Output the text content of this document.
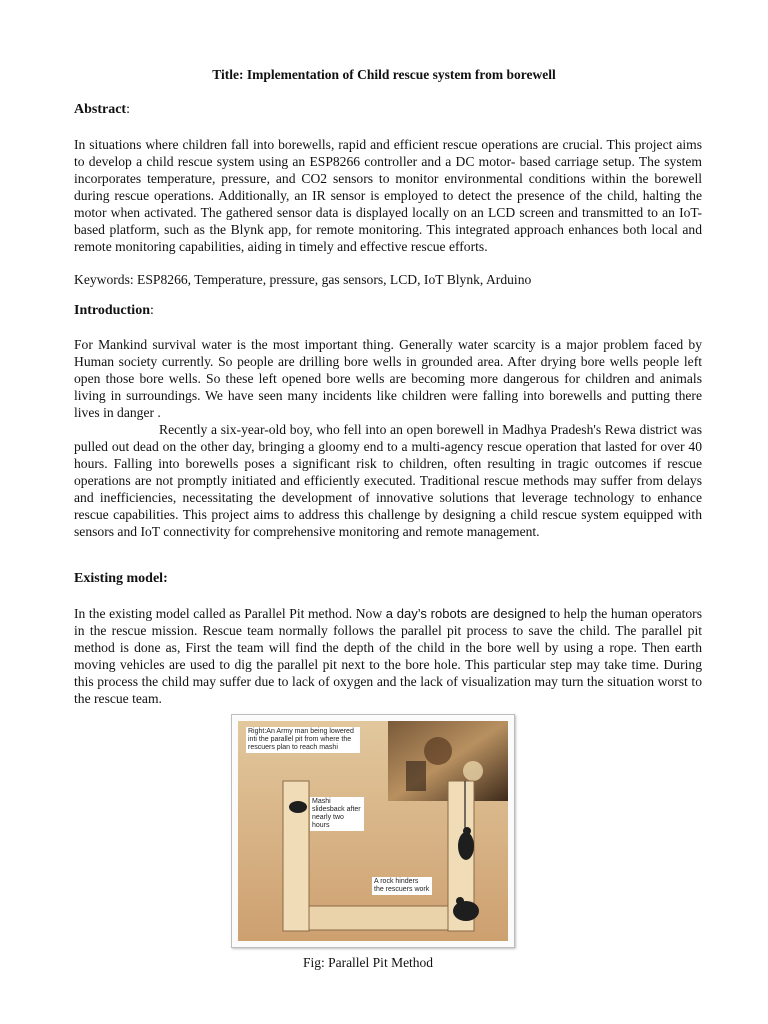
Title: Implementation of Child rescue system from borewell
Abstract:

In situations where children fall into borewells, rapid and efficient rescue operations are crucial. This project aims to develop a child rescue system using an ESP8266 controller and a DC motor- based carriage setup. The system incorporates temperature, pressure, and CO2 sensors to monitor environmental conditions within the borewell during rescue operations. Additionally, an IR sensor is employed to detect the presence of the child, halting the motor when activated. The gathered sensor data is displayed locally on an LCD screen and transmitted to an IoT-based platform, such as the Blynk app, for remote monitoring. This integrated approach enhances both local and remote monitoring capabilities, aiding in timely and effective rescue efforts.

Keywords: ESP8266, Temperature, pressure, gas sensors, LCD, IoT Blynk, Arduino

Introduction:

For Mankind survival water is the most important thing. Generally water scarcity is a major problem faced by Human society currently. So people are drilling bore wells in grounded area. After drying bore wells people left open those bore wells. So these left opened bore wells are becoming more dangerous for children and animals living in surroundings. We have seen many incidents like children were falling into borewells and putting there lives in danger .

Recently a six-year-old boy, who fell into an open borewell in Madhya Pradesh's Rewa district was pulled out dead on the other day, bringing a gloomy end to a multi-agency rescue operation that lasted for over 40 hours. Falling into borewells poses a significant risk to children, often resulting in tragic outcomes if rescue operations are not promptly initiated and efficiently executed. Traditional rescue methods may suffer from delays and inefficiencies, necessitating the development of innovative solutions that leverage technology to enhance rescue capabilities. This project aims to address this challenge by designing a child rescue system equipped with sensors and IoT connectivity for comprehensive monitoring and remote management.

Existing model:

In the existing model called as Parallel Pit method. Now a day’s robots are designed to help the human operators in the rescue mission. Rescue team normally follows the parallel pit process to save the child. The parallel pit method is done as, First the team will find the depth of the child in the bore well by using a rope. Then earth moving vehicles are used to dig the parallel pit next to the bore hole. This particular step may take time. During this process the child may suffer due to lack of oxygen and the lack of visualization may turn the situation worst to the rescue team.

Right:An Army man being lowered inti the parallel pit from where the rescuers plan to reach mashi
Mashi slidesback after nearly two hours
A rock hinders the rescuers work
Fig: Parallel Pit Method
